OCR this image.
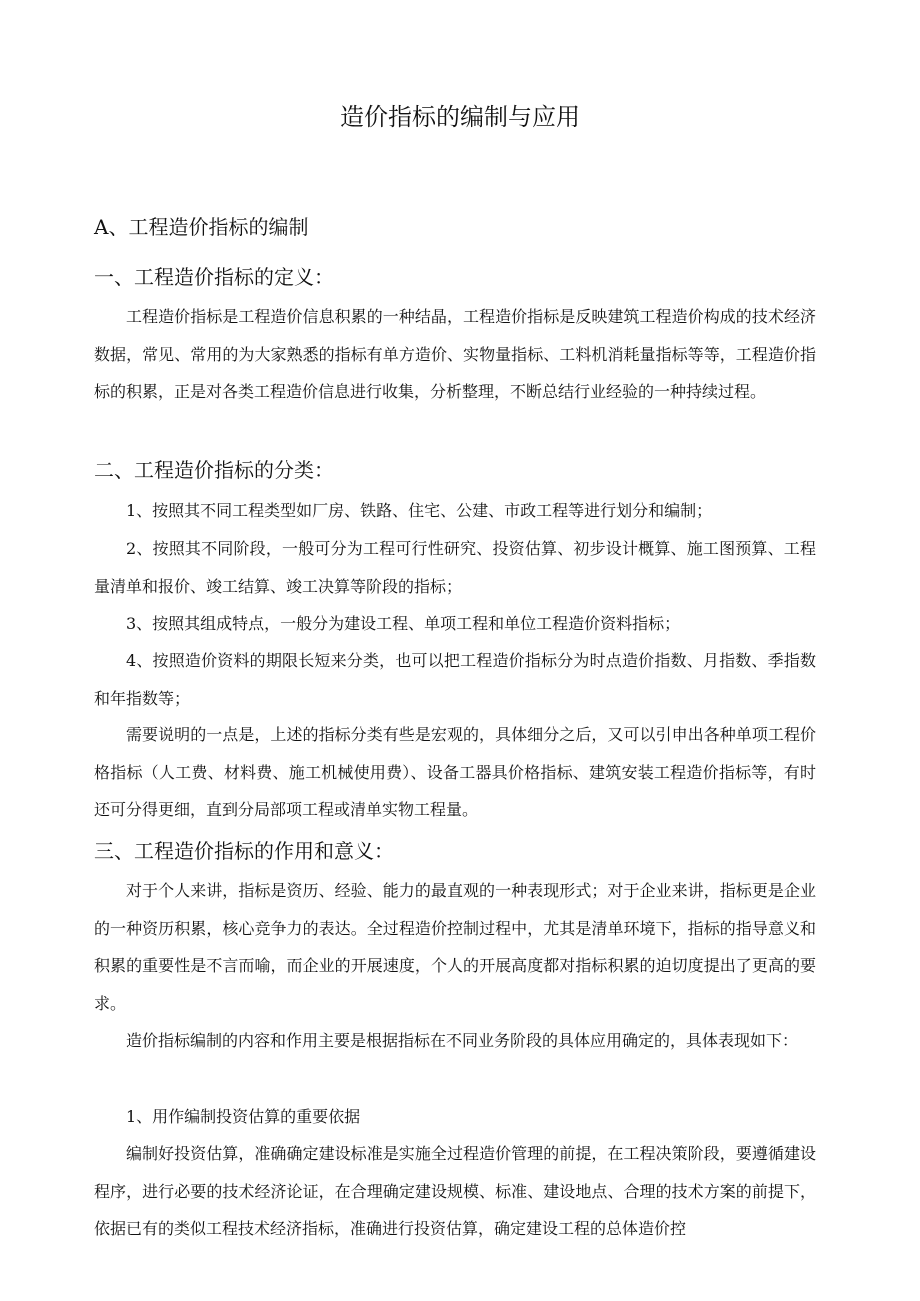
造价指标的编制与应用
A、工程造价指标的编制
一、工程造价指标的定义：
工程造价指标是工程造价信息积累的一种结晶，工程造价指标是反映建筑工程造价构成的技术经济数据，常见、常用的为大家熟悉的指标有单方造价、实物量指标、工料机消耗量指标等等，工程造价指标的积累，正是对各类工程造价信息进行收集，分析整理，不断总结行业经验的一种持续过程。
二、工程造价指标的分类：
1、按照其不同工程类型如厂房、铁路、住宅、公建、市政工程等进行划分和编制；
2、按照其不同阶段，一般可分为工程可行性研究、投资估算、初步设计概算、施工图预算、工程量清单和报价、竣工结算、竣工决算等阶段的指标；
3、按照其组成特点，一般分为建设工程、单项工程和单位工程造价资料指标；
4、按照造价资料的期限长短来分类，也可以把工程造价指标分为时点造价指数、月指数、季指数和年指数等；
需要说明的一点是，上述的指标分类有些是宏观的，具体细分之后，又可以引申出各种单项工程价格指标（人工费、材料费、施工机械使用费）、设备工器具价格指标、建筑安装工程造价指标等，有时还可分得更细，直到分局部项工程或清单实物工程量。
三、工程造价指标的作用和意义：
对于个人来讲，指标是资历、经验、能力的最直观的一种表现形式；对于企业来讲，指标更是企业的一种资历积累，核心竞争力的表达。全过程造价控制过程中，尤其是清单环境下，指标的指导意义和积累的重要性是不言而喻，而企业的开展速度，个人的开展高度都对指标积累的迫切度提出了更高的要求。
造价指标编制的内容和作用主要是根据指标在不同业务阶段的具体应用确定的，具体表现如下：
1、用作编制投资估算的重要依据
编制好投资估算，准确确定建设标准是实施全过程造价管理的前提，在工程决策阶段，要遵循建设程序，进行必要的技术经济论证，在合理确定建设规模、标准、建设地点、合理的技术方案的前提下，依据已有的类似工程技术经济指标，准确进行投资估算，确定建设工程的总体造价控
